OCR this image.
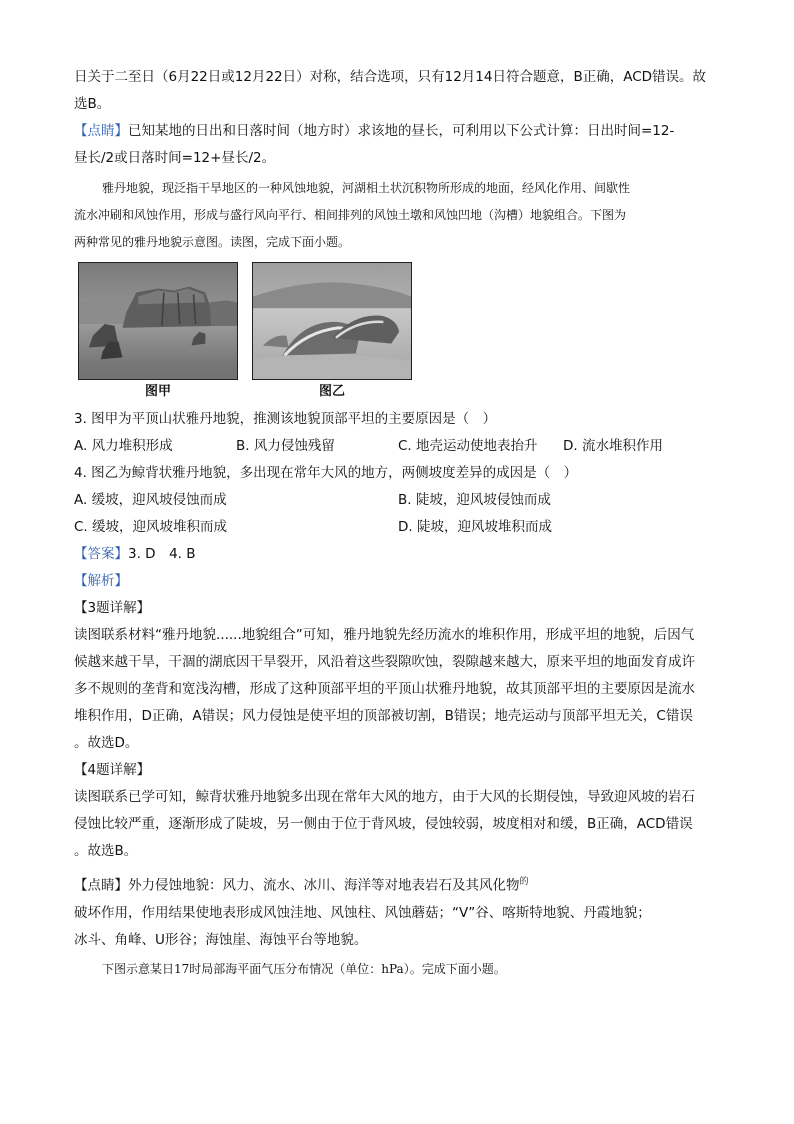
日关于二至日（6月22日或12月22日）对称，结合选项，只有12月14日符合题意，B正确，ACD错误。故
选B。
【点睛】已知某地的日出和日落时间（地方时）求该地的昼长，可利用以下公式计算：日出时间=12-
昼长/2或日落时间=12+昼长/2。
雅丹地貌，现泛指干旱地区的一种风蚀地貌，河湖相土状沉积物所形成的地面，经风化作用、间歇性
流水冲刷和风蚀作用，形成与盛行风向平行、相间排列的风蚀土墩和风蚀凹地（沟槽）地貌组合。下图为
两种常见的雅丹地貌示意图。读图，完成下面小题。
图甲	图乙
3. 图甲为平顶山状雅丹地貌，推测该地貌顶部平坦的主要原因是（　）
A. 风力堆积形成	B. 风力侵蚀残留	C. 地壳运动使地表抬升	D. 流水堆积作用
4. 图乙为鲸背状雅丹地貌，多出现在常年大风的地方，两侧坡度差异的成因是（　）
A. 缓坡，迎风坡侵蚀而成	B. 陡坡，迎风坡侵蚀而成
C. 缓坡，迎风坡堆积而成	D. 陡坡，迎风坡堆积而成
【答案】3. D　4. B
【解析】
【3题详解】
读图联系材料“雅丹地貌......地貌组合”可知，雅丹地貌先经历流水的堆积作用，形成平坦的地貌，后因气
候越来越干旱，干涸的湖底因干旱裂开，风沿着这些裂隙吹蚀，裂隙越来越大，原来平坦的地面发育成许
多不规则的垄背和宽浅沟槽，形成了这种顶部平坦的平顶山状雅丹地貌，故其顶部平坦的主要原因是流水
堆积作用，D正确，A错误；风力侵蚀是使平坦的顶部被切割，B错误；地壳运动与顶部平坦无关，C错误
。故选D。
【4题详解】
读图联系已学可知，鲸背状雅丹地貌多出现在常年大风的地方，由于大风的长期侵蚀，导致迎风坡的岩石
侵蚀比较严重，逐渐形成了陡坡，另一侧由于位于背风坡，侵蚀较弱，坡度相对和缓，B正确，ACD错误
。故选B。
【点睛】外力侵蚀地貌：风力、流水、冰川、海洋等对地表岩石及其风化物$^的$
破坏作用，作用结果使地表形成风蚀洼地、风蚀柱、风蚀蘑菇；“V”谷、喀斯特地貌、丹霞地貌；
冰斗、角峰、U形谷；海蚀崖、海蚀平台等地貌。
下图示意某日17时局部海平面气压分布情况（单位：hPa）。完成下面小题。
